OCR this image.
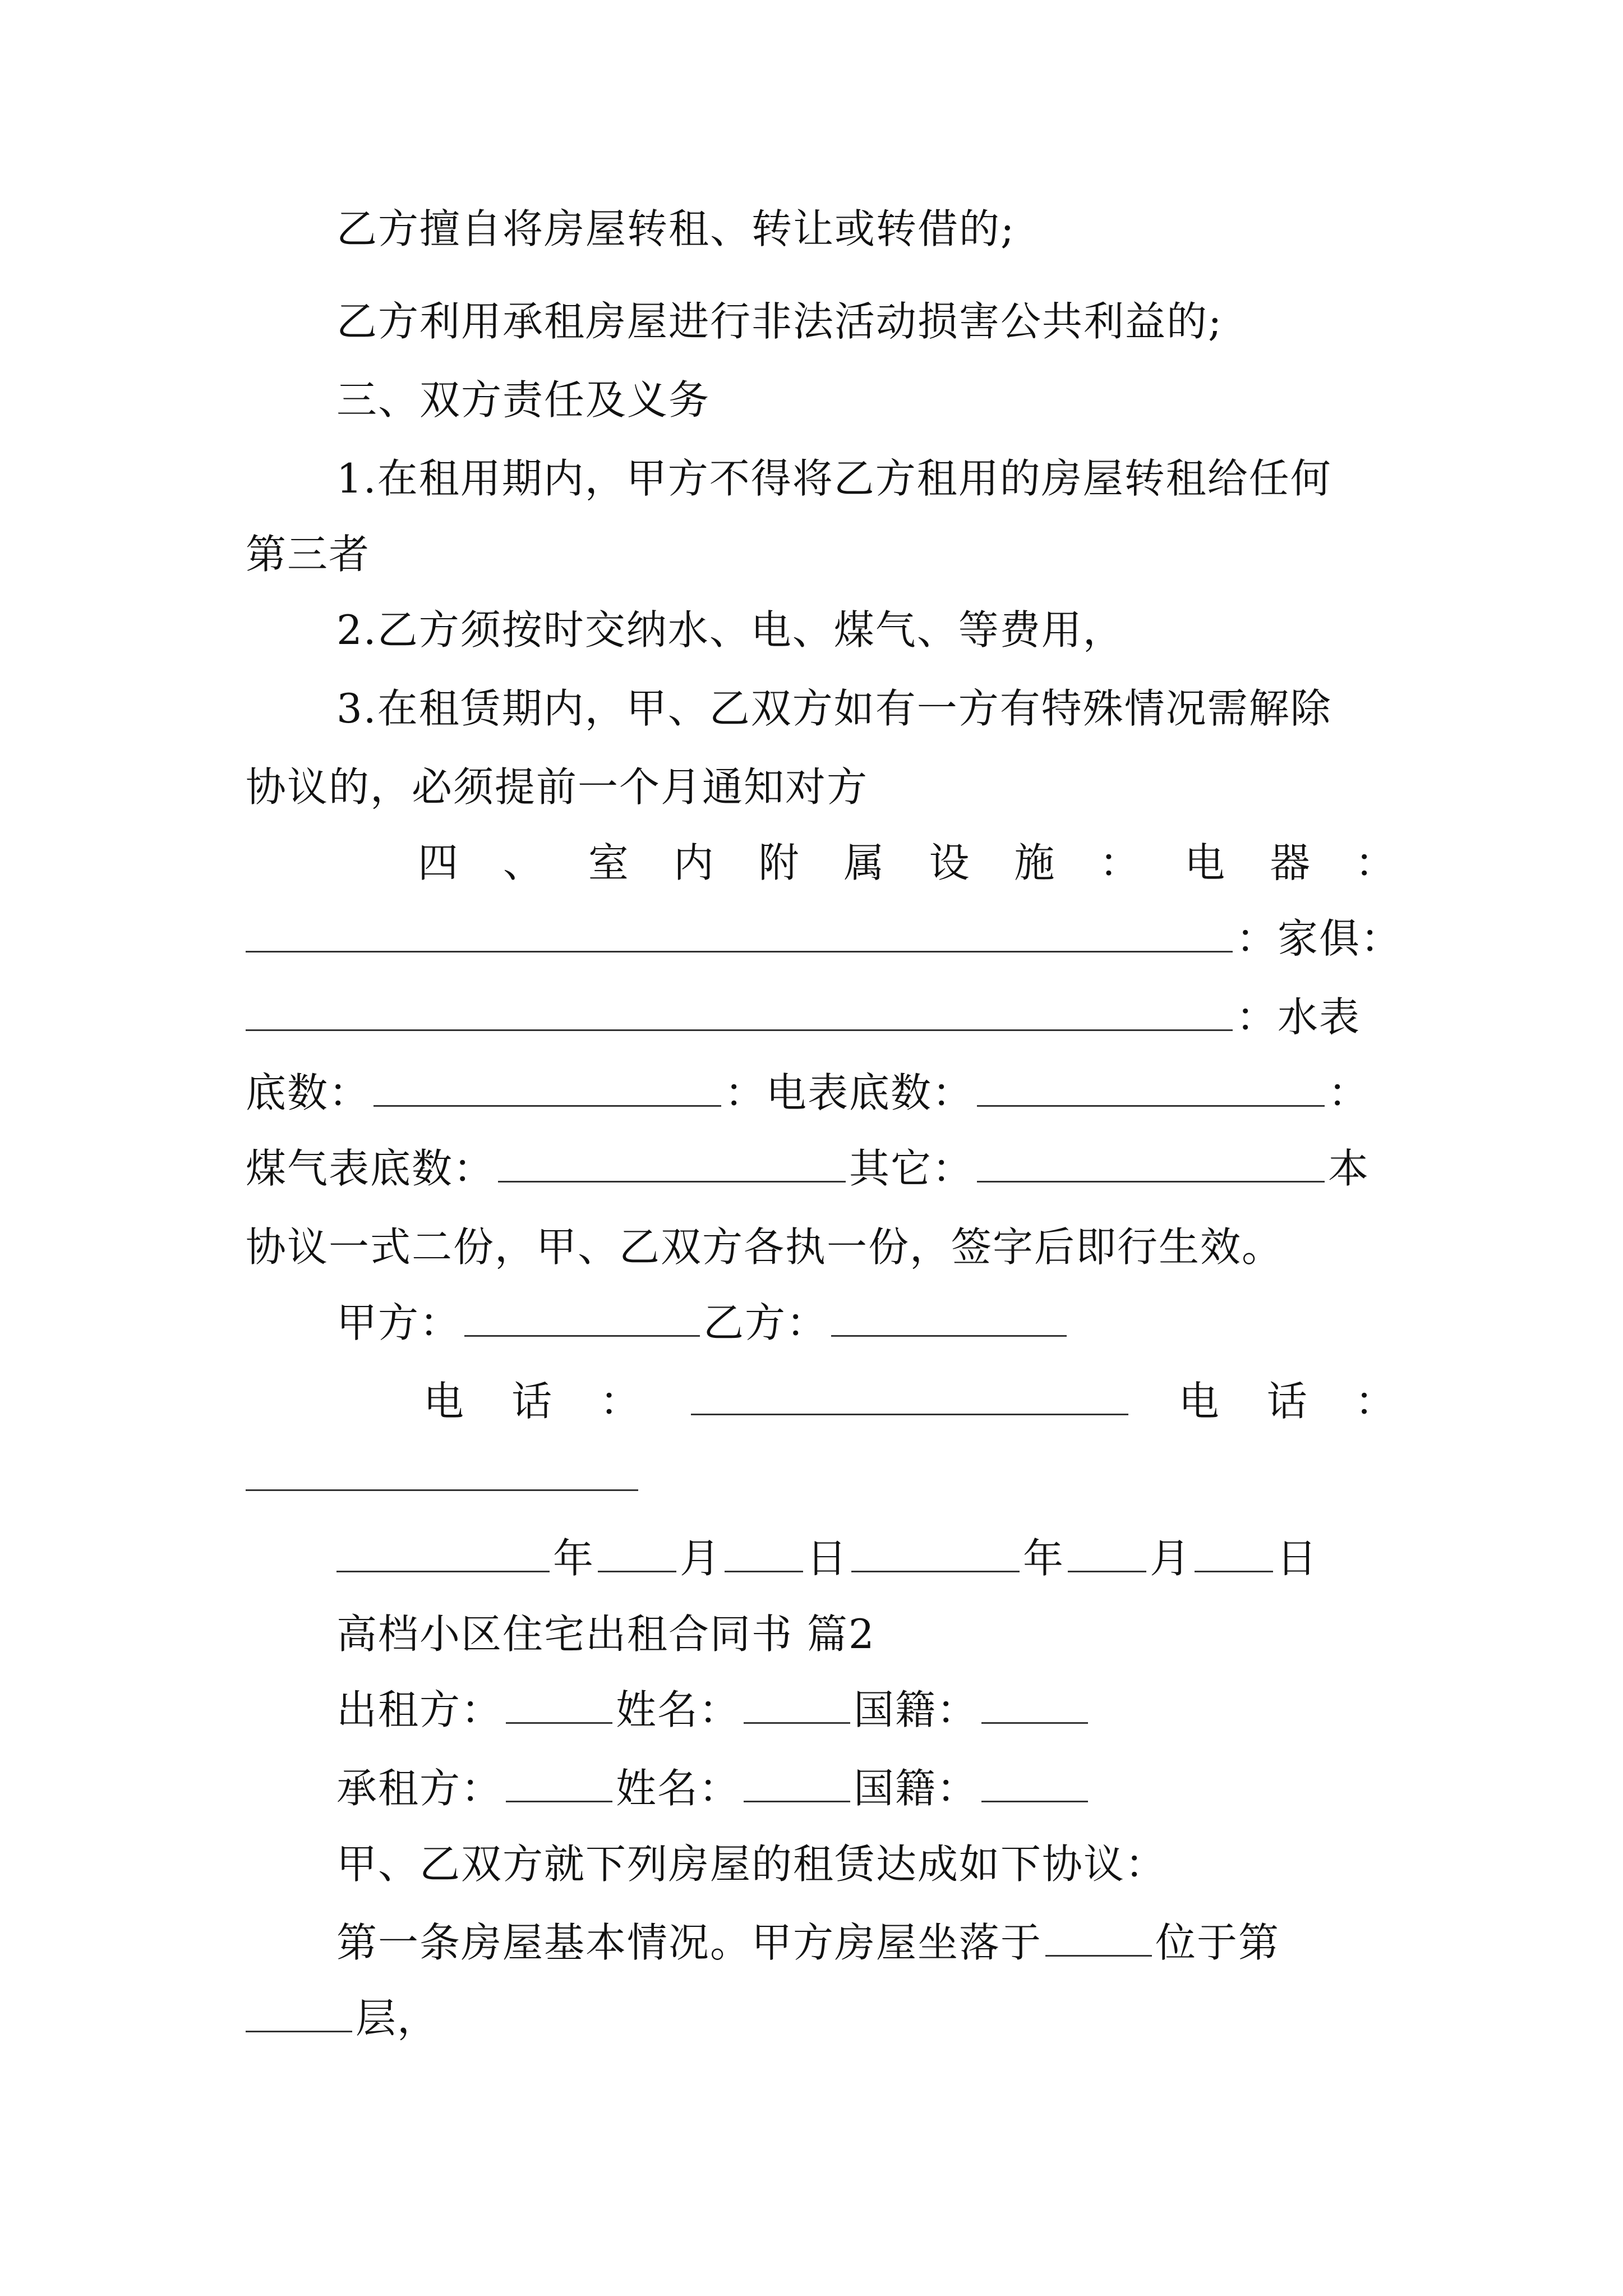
乙方擅自将房屋转租、转让或转借的;
乙方利用承租房屋进行非法活动损害公共利益的;
三、双方责任及义务
1.在租用期内，甲方不得将乙方租用的房屋转租给任何
第三者
2.乙方须按时交纳水、电、煤气、等费用，
3.在租赁期内，甲、乙双方如有一方有特殊情况需解除
协议的，必须提前一个月通知对方
四 、 室 内 附 属 设 施 ： 电 器 ：
：家俱：
：水表
底数：	：电表底数：	：
煤气表底数：	其它：	本
协议一式二份，甲、乙双方各执一份，签字后即行生效。
甲方：	乙方：
电 话 ：	电 话 ：
年 月 日	年 月 日
高档小区住宅出租合同书 篇2
出租方：	姓名：	国籍：
承租方：	姓名：	国籍：
甲、乙双方就下列房屋的租赁达成如下协议：
第一条房屋基本情况。甲方房屋坐落于	位于第
层，
